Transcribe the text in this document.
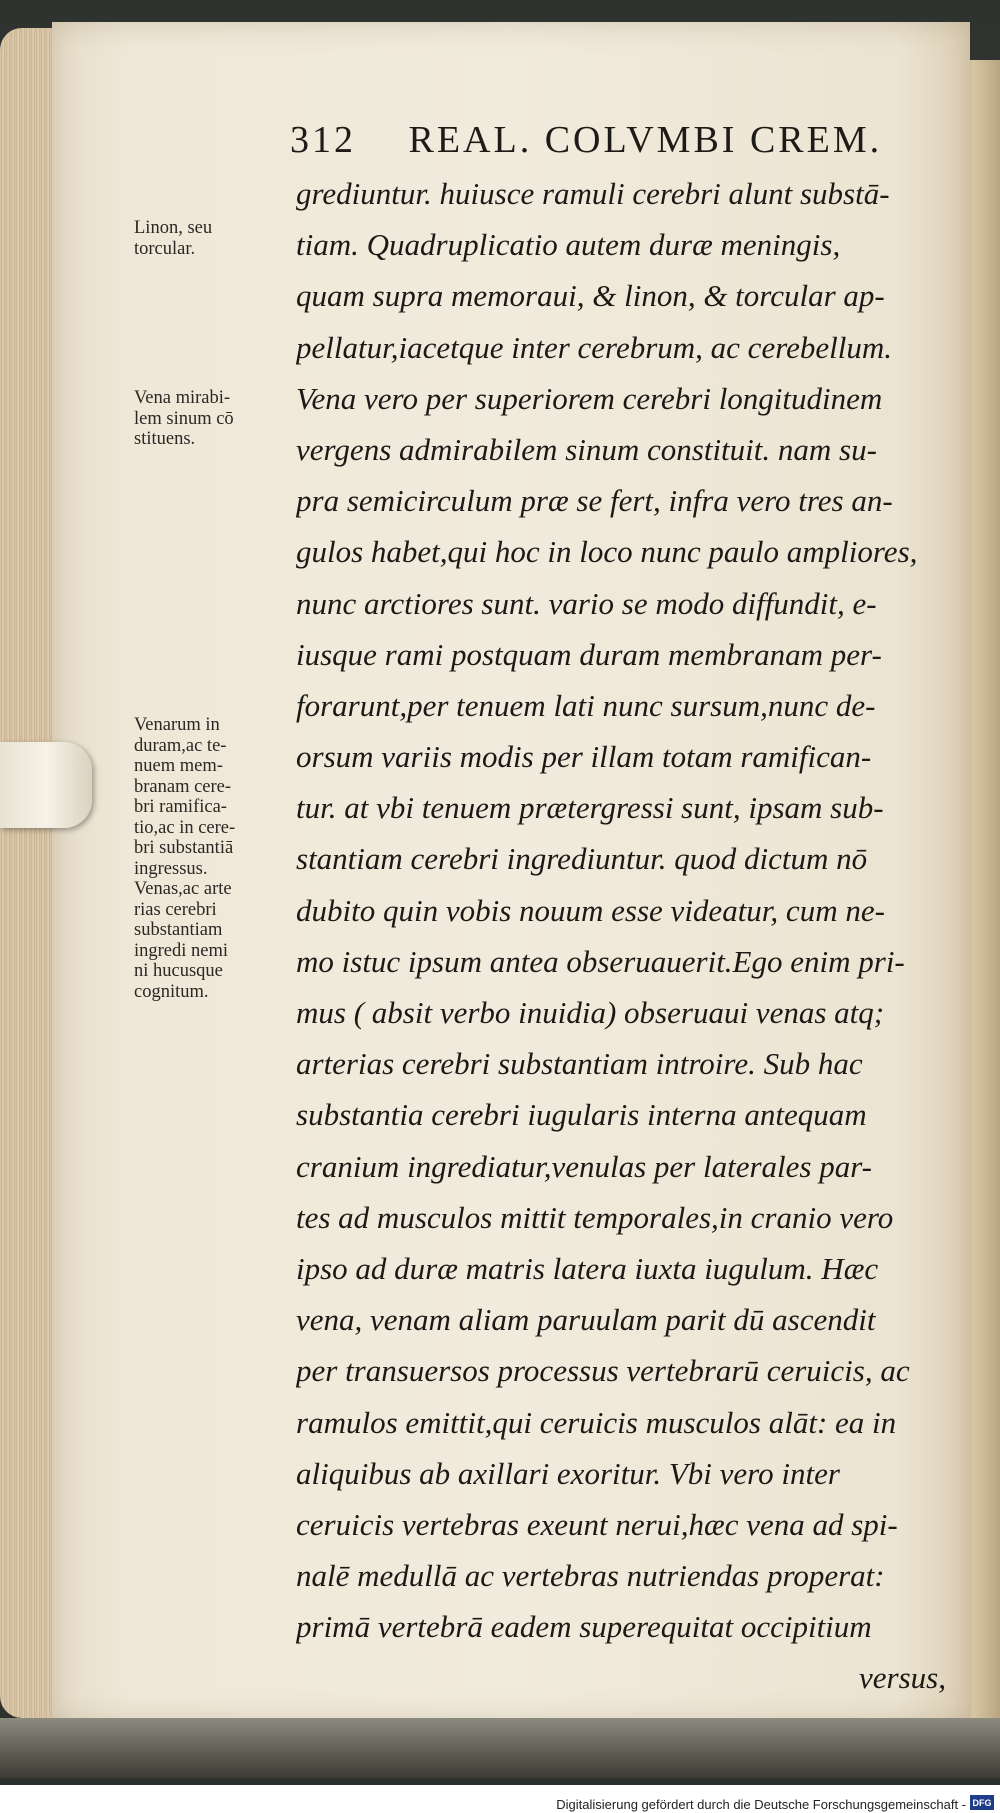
312 REAL. COLVMBI CREM.
Linon, seu
torcular.
Vena mirabi-
lem sinum cō
stituens.
Venarum in
duram,ac te-
nuem mem-
branam cere-
bri ramifica-
tio,ac in cere-
bri substantiā
ingressus.
Venas,ac arte
rias cerebri
substantiam
ingredi nemi
ni hucusque
cognitum.
grediuntur. huiusce ramuli cerebri alunt substā-
tiam. Quadruplicatio autem duræ meningis,
quam supra memoraui, & linon, & torcular ap-
pellatur,iacetque inter cerebrum, ac cerebellum.
Vena vero per superiorem cerebri longitudinem
vergens admirabilem sinum constituit. nam su-
pra semicirculum præ se fert, infra vero tres an-
gulos habet,qui hoc in loco nunc paulo ampliores,
nunc arctiores sunt. vario se modo diffundit, e-
iusque rami postquam duram membranam per-
forarunt,per tenuem lati nunc sursum,nunc de-
orsum variis modis per illam totam ramifican-
tur. at vbi tenuem prætergressi sunt, ipsam sub-
stantiam cerebri ingrediuntur. quod dictum nō
dubito quin vobis nouum esse videatur, cum ne-
mo istuc ipsum antea obseruauerit.Ego enim pri-
mus ( absit verbo inuidia) obseruaui venas atq;
arterias cerebri substantiam introire. Sub hac
substantia cerebri iugularis interna antequam
cranium ingrediatur,venulas per laterales par-
tes ad musculos mittit temporales,in cranio vero
ipso ad duræ matris latera iuxta iugulum. Hæc
vena, venam aliam paruulam parit dū ascendit
per transuersos processus vertebrarū ceruicis, ac
ramulos emittit,qui ceruicis musculos alāt: ea in
aliquibus ab axillari exoritur. Vbi vero inter
ceruicis vertebras exeunt nerui,hæc vena ad spi-
nalē medullā ac vertebras nutriendas properat:
primā vertebrā eadem superequitat occipitium
versus,
Digitalisierung gefördert durch die Deutsche Forschungsgemeinschaft - DFG
